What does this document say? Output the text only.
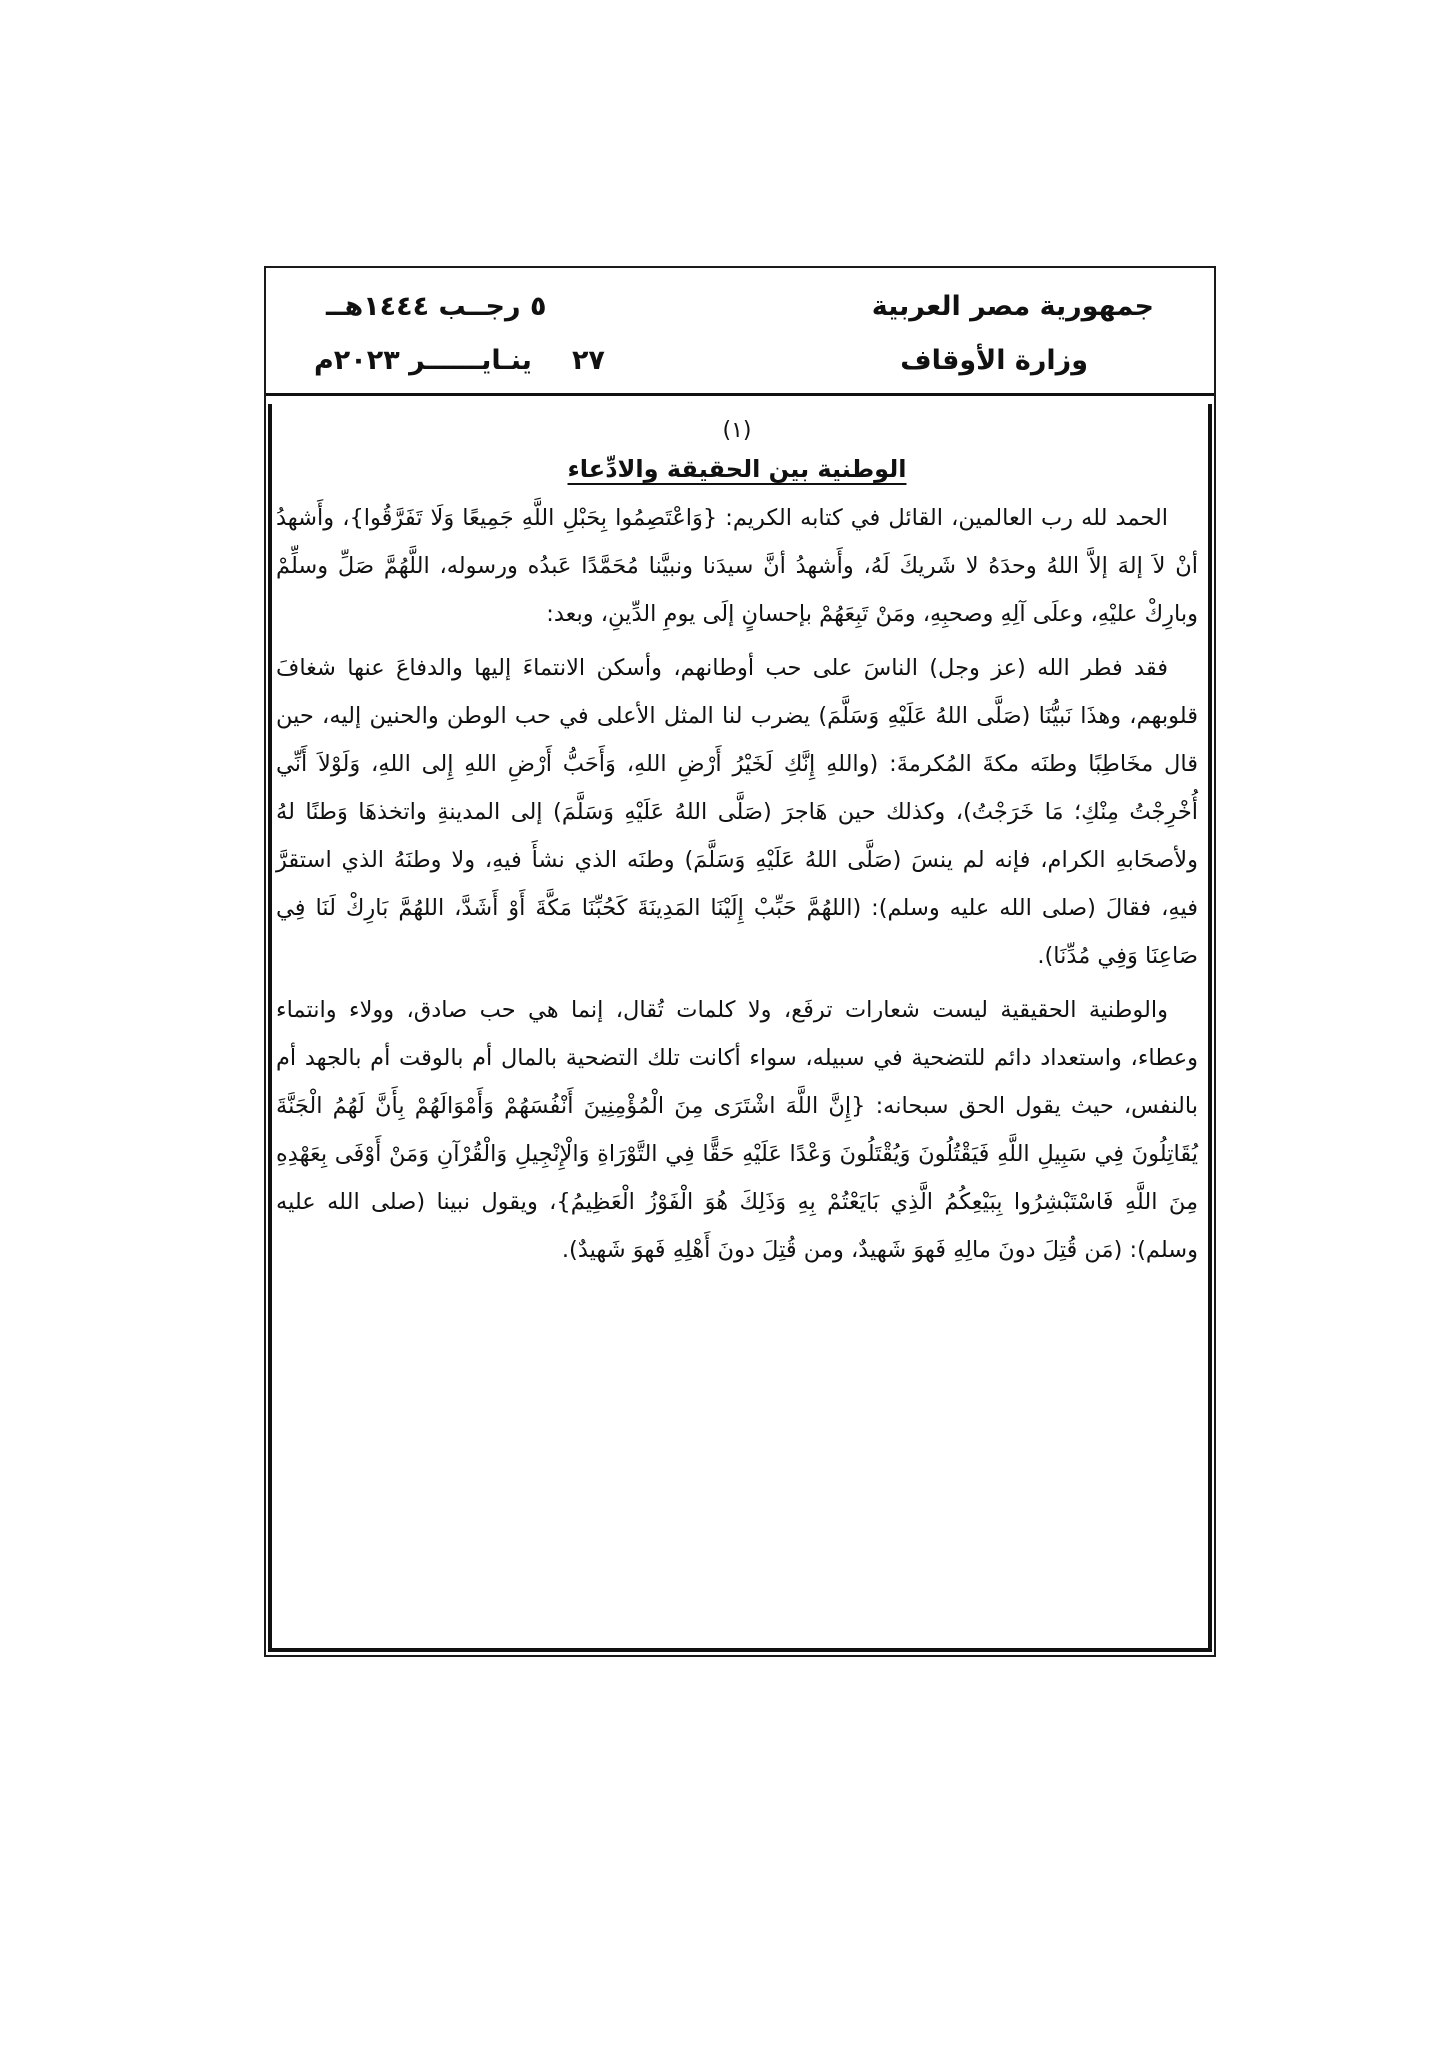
جمهورية مصر العربية
وزارة الأوقاف
٥ رجــب ١٤٤٤هــ
٢٧ينـايــــــر ٢٠٢٣م
(١)
الوطنية بين الحقيقة والادِّعاء

الحمد لله رب العالمين، القائل في كتابه الكريم: {وَاعْتَصِمُوا بِحَبْلِ اللَّهِ جَمِيعًا وَلَا تَفَرَّقُوا}، وأَشهدُ أنْ لاَ إلهَ إلاَّ اللهُ وحدَهُ لا شَريكَ لَهُ، وأَشهدُ أنَّ سيدَنا ونبيَّنا مُحَمَّدًا عَبدُه ورسوله، اللَّهُمَّ صَلِّ وسلِّمْ وبارِكْ عليْهِ، وعلَى آلِهِ وصحبِهِ، ومَنْ تَبِعَهُمْ بإحسانٍ إلَى يومِ الدِّينِ، وبعد:

فقد فطر الله (عز وجل) الناسَ على حب أوطانهم، وأسكن الانتماءَ إليها والدفاعَ عنها شغافَ قلوبهم، وهذَا نَبيُّنَا (صَلَّى اللهُ عَلَيْهِ وَسَلَّمَ) يضرب لنا المثل الأعلى في حب الوطن والحنين إليه، حين قال مخَاطِبًا وطنَه مكةَ المُكرمةَ: (واللهِ إِنَّكِ لَخَيْرُ أَرْضِ اللهِ، وَأَحَبُّ أَرْضِ اللهِ إِلى اللهِ، وَلَوْلاَ أَنِّي أُخْرِجْتُ مِنْكِ؛ مَا خَرَجْتُ)، وكذلك حين هَاجرَ (صَلَّى اللهُ عَلَيْهِ وَسَلَّمَ) إلى المدينةِ واتخذهَا وَطنًا لهُ ولأصحَابهِ الكرام، فإنه لم ينسَ (صَلَّى اللهُ عَلَيْهِ وَسَلَّمَ) وطنَه الذي نشأَ فيهِ، ولا وطنَهُ الذي استقرَّ فيهِ، فقالَ (صلى الله عليه وسلم): (اللهُمَّ حَبِّبْ إِلَيْنَا المَدِينَةَ كَحُبِّنَا مَكَّةَ أَوْ أَشَدَّ، اللهُمَّ بَارِكْ لَنَا فِي صَاعِنَا وَفِي مُدِّنَا).

والوطنية الحقيقية ليست شعارات ترفَع، ولا كلمات تُقال، إنما هي حب صادق، وولاء وانتماء وعطاء، واستعداد دائم للتضحية في سبيله، سواء أكانت تلك التضحية بالمال أم بالوقت أم بالجهد أم بالنفس، حيث يقول الحق سبحانه: {إِنَّ اللَّهَ اشْتَرَى مِنَ الْمُؤْمِنِينَ أَنْفُسَهُمْ وَأَمْوَالَهُمْ بِأَنَّ لَهُمُ الْجَنَّةَ يُقَاتِلُونَ فِي سَبِيلِ اللَّهِ فَيَقْتُلُونَ وَيُقْتَلُونَ وَعْدًا عَلَيْهِ حَقًّا فِي التَّوْرَاةِ وَالْإِنْجِيلِ وَالْقُرْآنِ وَمَنْ أَوْفَى بِعَهْدِهِ مِنَ اللَّهِ فَاسْتَبْشِرُوا بِبَيْعِكُمُ الَّذِي بَايَعْتُمْ بِهِ وَذَلِكَ هُوَ الْفَوْزُ الْعَظِيمُ}، ويقول نبينا (صلى الله عليه وسلم): (مَن قُتِلَ دونَ مالِهِ فَهوَ شَهيدٌ، ومن قُتِلَ دونَ أَهْلِهِ فَهوَ شَهيدٌ).
